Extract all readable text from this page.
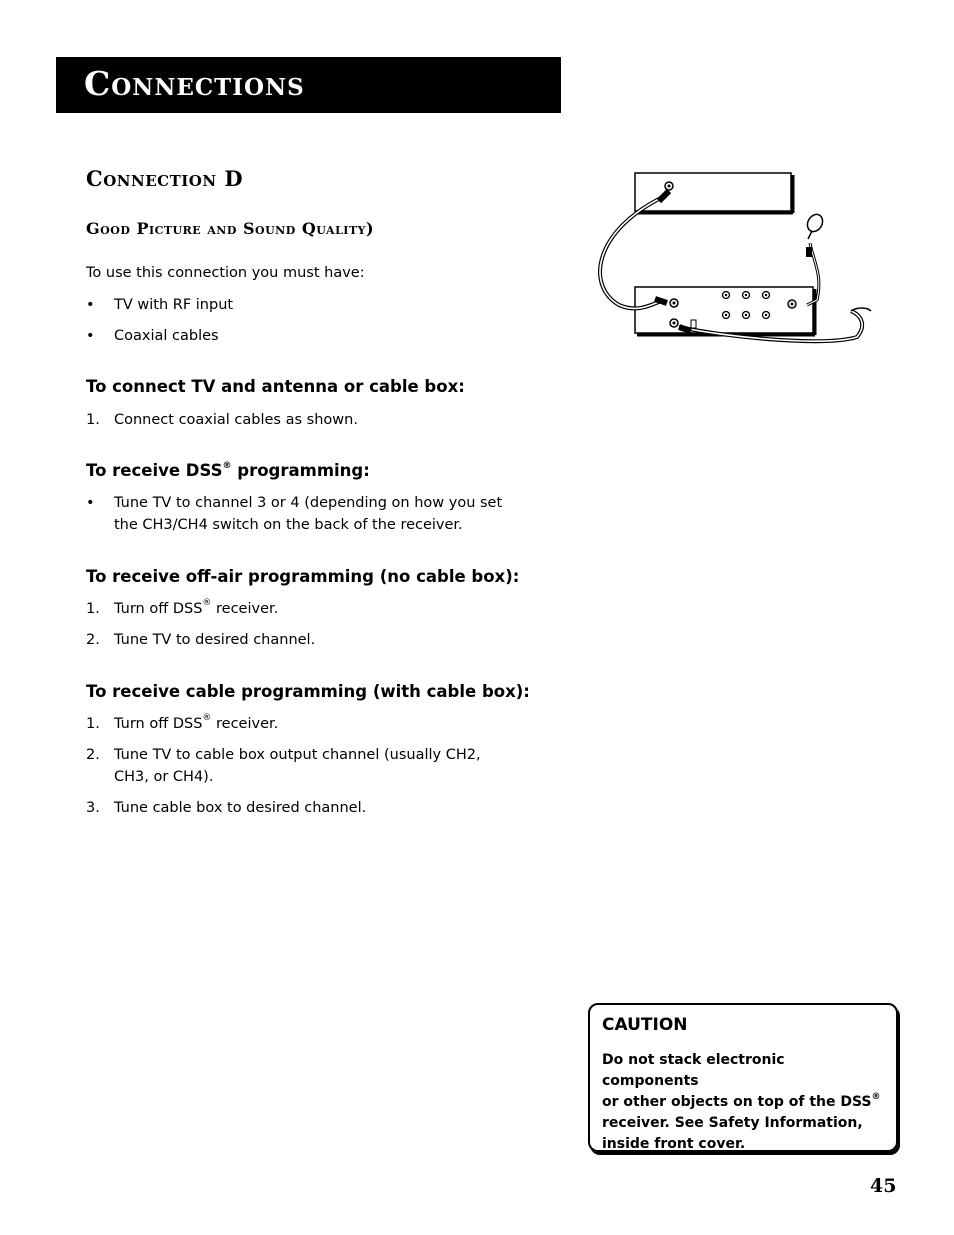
Connections
Connection D
Good Picture and Sound Quality)
To use this connection you must have:
• TV with RF input
• Coaxial cables
To connect TV and antenna or cable box:
1. Connect coaxial cables as shown.
To receive DSS® programming:
• Tune TV to channel 3 or 4 (depending on how you set
the CH3/CH4 switch on the back of the receiver.
To receive off-air programming (no cable box):
1. Turn off DSS® receiver.
2. Tune TV to desired channel.
To receive cable programming (with cable box):
1. Turn off DSS® receiver.
2. Tune TV to cable box output channel (usually CH2,
CH3, or CH4).
3. Tune cable box to desired channel.
CAUTION
Do not stack electronic components
or other objects on top of the DSS®
receiver. See Safety Information,
inside front cover.
45
